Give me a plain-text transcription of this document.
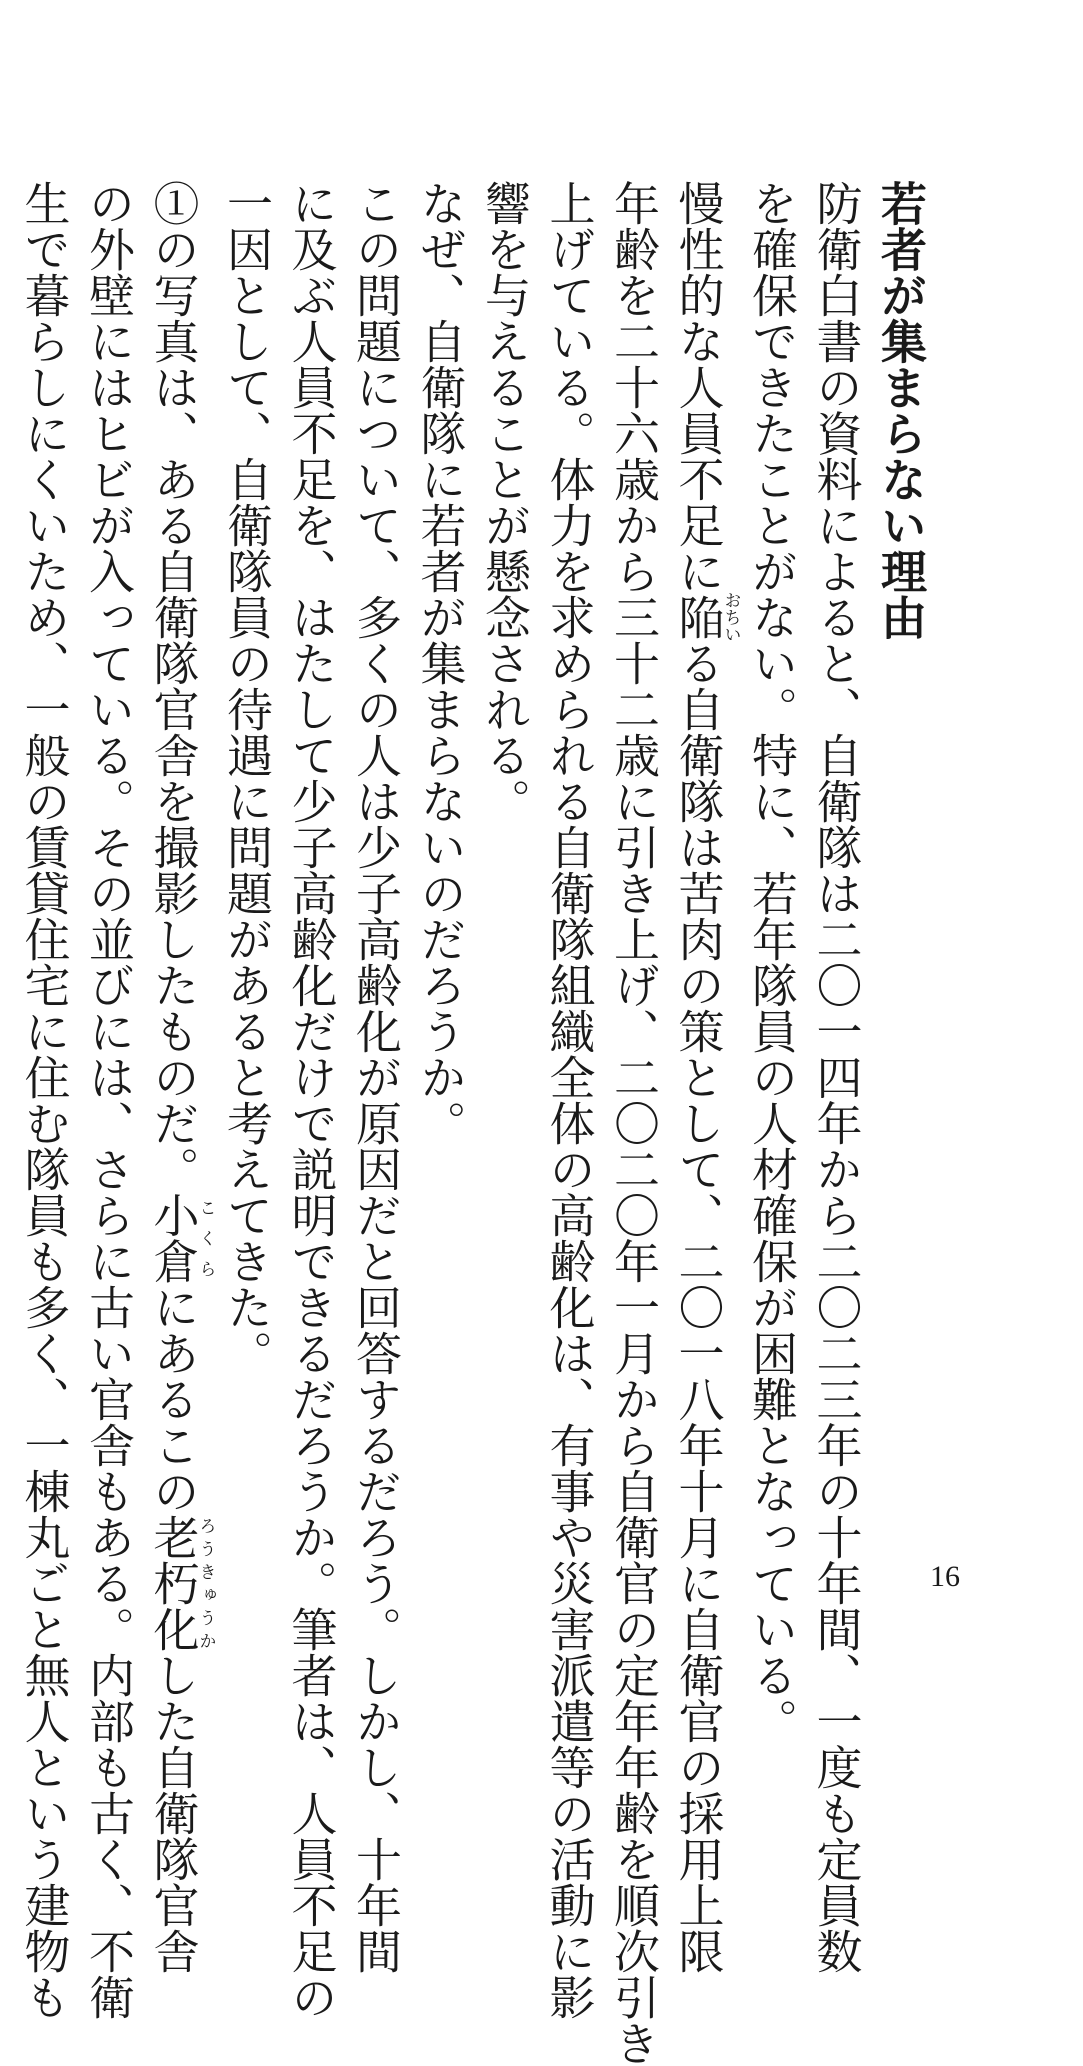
若者が集まらない理由
防衛白書の資料によると、自衛隊は二〇一四年から二〇二三年の十年間、一度も定員数
を確保できたことがない。特に、若年隊員の人材確保が困難となっている。
慢性的な人員不足に陥おちいる自衛隊は苦肉の策として、二〇一八年十月に自衛官の採用上限
年齢を二十六歳から三十二歳に引き上げ、二〇二〇年一月から自衛官の定年年齢を順次引き
上げている。体力を求められる自衛隊組織全体の高齢化は、有事や災害派遣等の活動に影
響を与えることが懸念される。
なぜ、自衛隊に若者が集まらないのだろうか。
この問題について、多くの人は少子高齢化が原因だと回答するだろう。しかし、十年間
に及ぶ人員不足を、はたして少子高齢化だけで説明できるだろうか。筆者は、人員不足の
一因として、自衛隊員の待遇に問題があると考えてきた。
①の写真は、ある自衛隊官舎を撮影したものだ。小倉こくらにあるこの老朽化ろうきゅうかした自衛隊官舎
の外壁にはヒビが入っている。その並びには、さらに古い官舎もある。内部も古く、不衛
生で暮らしにくいため、一般の賃貸住宅に住む隊員も多く、一棟丸ごと無人という建物も	16
